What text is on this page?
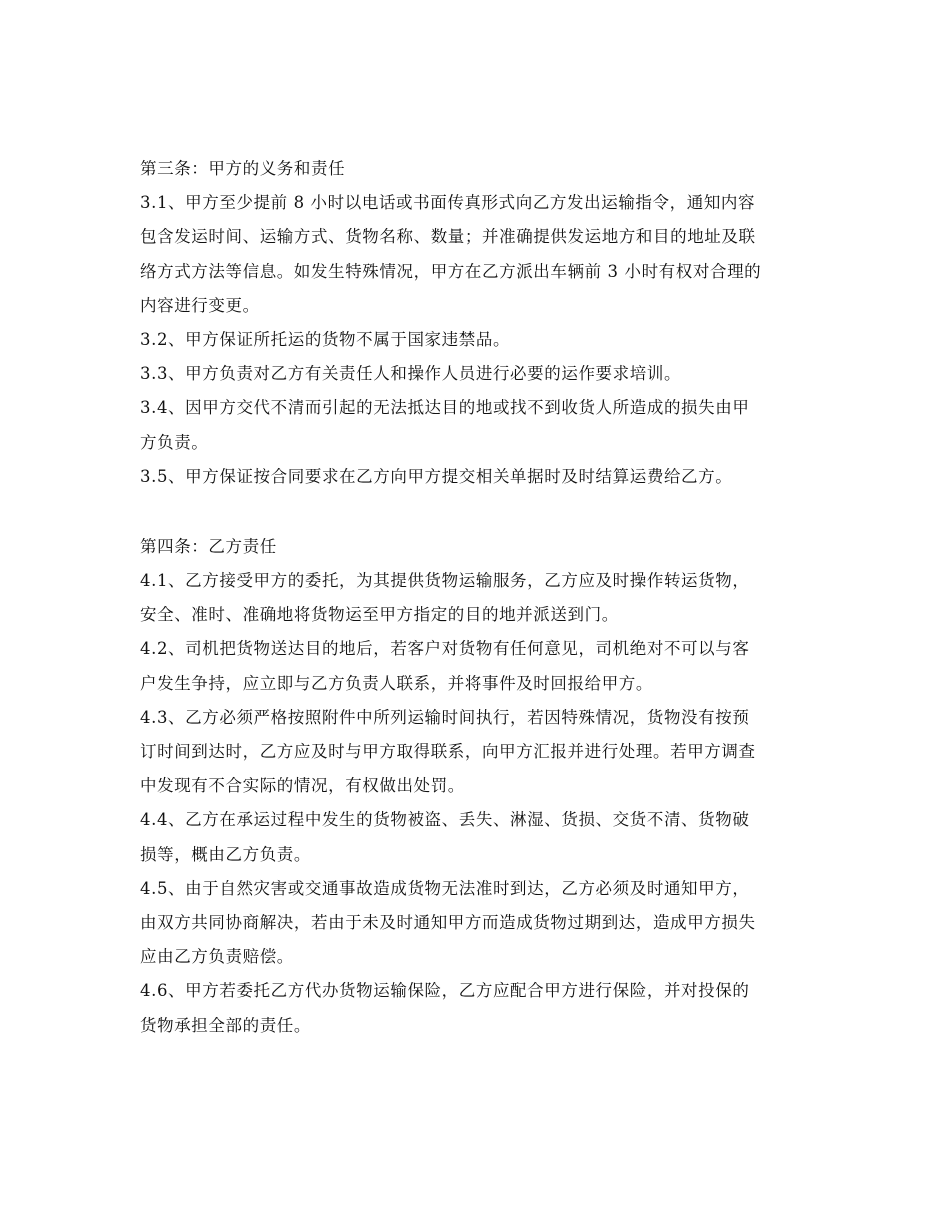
第三条：甲方的义务和责任

3.1、甲方至少提前 8 小时以电话或书面传真形式向乙方发出运输指令，通知内容

包含发运时间、运输方式、货物名称、数量；并准确提供发运地方和目的地址及联

络方式方法等信息。如发生特殊情况，甲方在乙方派出车辆前 3 小时有权对合理的

内容进行变更。

3.2、甲方保证所托运的货物不属于国家违禁品。

3.3、甲方负责对乙方有关责任人和操作人员进行必要的运作要求培训。

3.4、因甲方交代不清而引起的无法抵达目的地或找不到收货人所造成的损失由甲

方负责。

3.5、甲方保证按合同要求在乙方向甲方提交相关单据时及时结算运费给乙方。

第四条：乙方责任

4.1、乙方接受甲方的委托，为其提供货物运输服务，乙方应及时操作转运货物，

安全、准时、准确地将货物运至甲方指定的目的地并派送到门。

4.2、司机把货物送达目的地后，若客户对货物有任何意见，司机绝对不可以与客

户发生争持，应立即与乙方负责人联系，并将事件及时回报给甲方。

4.3、乙方必须严格按照附件中所列运输时间执行，若因特殊情况，货物没有按预

订时间到达时，乙方应及时与甲方取得联系，向甲方汇报并进行处理。若甲方调查

中发现有不合实际的情况，有权做出处罚。

4.4、乙方在承运过程中发生的货物被盗、丢失、淋湿、货损、交货不清、货物破

损等，概由乙方负责。

4.5、由于自然灾害或交通事故造成货物无法准时到达，乙方必须及时通知甲方，

由双方共同协商解决，若由于未及时通知甲方而造成货物过期到达，造成甲方损失

应由乙方负责赔偿。

4.6、甲方若委托乙方代办货物运输保险，乙方应配合甲方进行保险，并对投保的

货物承担全部的责任。
